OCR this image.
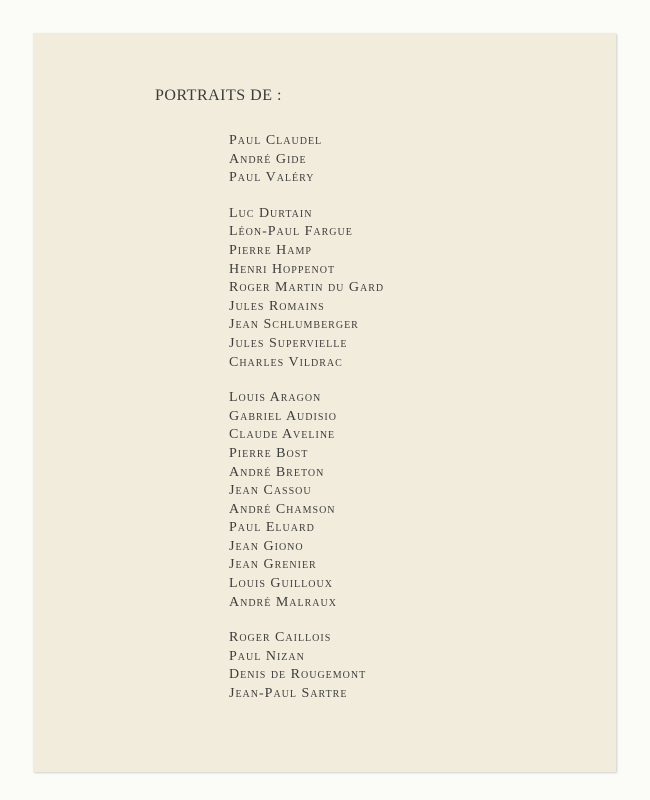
PORTRAITS DE :
Paul Claudel
André Gide
Paul Valéry
Luc Durtain
Léon-Paul Fargue
Pierre Hamp
Henri Hoppenot
Roger Martin du Gard
Jules Romains
Jean Schlumberger
Jules Supervielle
Charles Vildrac
Louis Aragon
Gabriel Audisio
Claude Aveline
Pierre Bost
André Breton
Jean Cassou
André Chamson
Paul Eluard
Jean Giono
Jean Grenier
Louis Guilloux
André Malraux
Roger Caillois
Paul Nizan
Denis de Rougemont
Jean-Paul Sartre
